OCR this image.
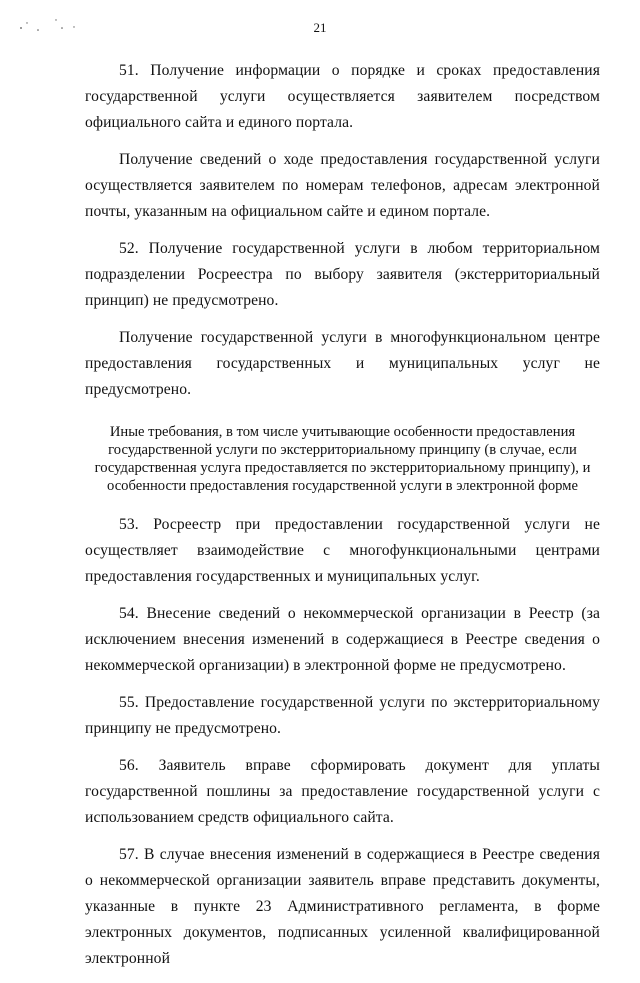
21

51. Получение информации о порядке и сроках предоставления государственной услуги осуществляется заявителем посредством официального сайта и единого портала.

Получение сведений о ходе предоставления государственной услуги осуществляется заявителем по номерам телефонов, адресам электронной почты, указанным на официальном сайте и едином портале.

52. Получение государственной услуги в любом территориальном подразделении Росреестра по выбору заявителя (экстерриториальный принцип) не предусмотрено.

Получение государственной услуги в многофункциональном центре предоставления государственных и муниципальных услуг не предусмотрено.

Иные требования, в том числе учитывающие особенности предоставления государственной услуги по экстерриториальному принципу (в случае, если государственная услуга предоставляется по экстерриториальному принципу), и особенности предоставления государственной услуги в электронной форме

53. Росреестр при предоставлении государственной услуги не осуществляет взаимодействие с многофункциональными центрами предоставления государственных и муниципальных услуг.

54. Внесение сведений о некоммерческой организации в Реестр (за исключением внесения изменений в содержащиеся в Реестре сведения о некоммерческой организации) в электронной форме не предусмотрено.

55. Предоставление государственной услуги по экстерриториальному принципу не предусмотрено.

56. Заявитель вправе сформировать документ для уплаты государственной пошлины за предоставление государственной услуги с использованием средств официального сайта.

57. В случае внесения изменений в содержащиеся в Реестре сведения о некоммерческой организации заявитель вправе представить документы, указанные в пункте 23 Административного регламента, в форме электронных документов, подписанных усиленной квалифицированной электронной
